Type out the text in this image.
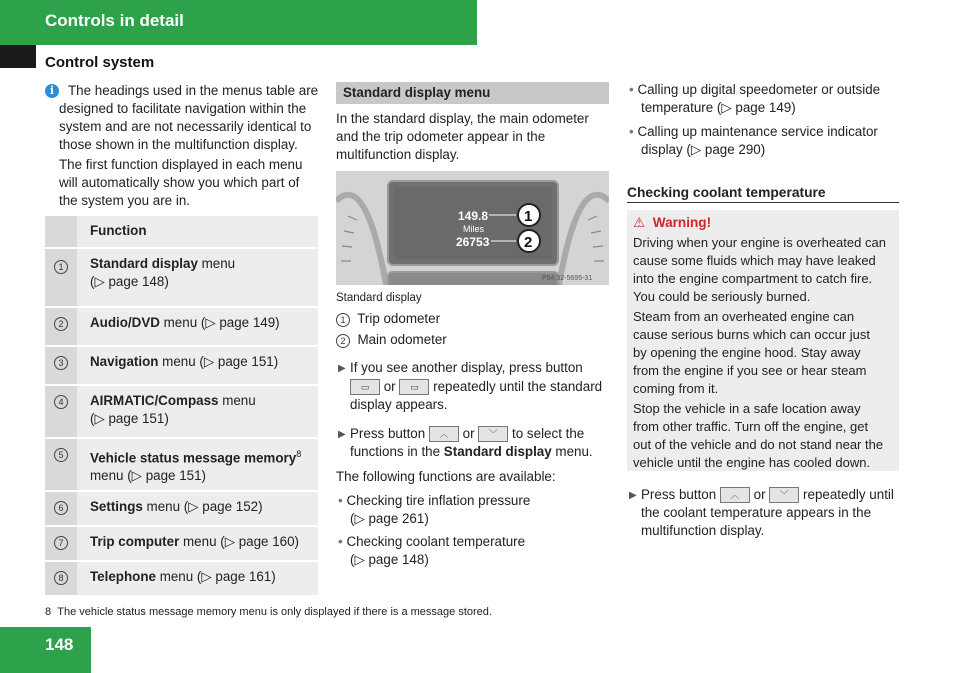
Controls in detail
Control system
i	The headings used in the menus table are
designed to facilitate navigation within the
system and are not necessarily identical to
those shown in the multifunction display.
The first function displayed in each menu
will automatically show you which part of
the system you are in.
	Function
1	Standard display menu
(▷ page 148)
2	Audio/DVD menu (▷ page 149)
3	Navigation menu (▷ page 151)
4	AIRMATIC/Compass menu
(▷ page 151)
5	Vehicle status message memory$^8$
menu (▷ page 151)
6	Settings menu (▷ page 152)
7	Trip computer menu (▷ page 160)
8	Telephone menu (▷ page 161)
Standard display menu
In the standard display, the main odometer
and the trip odometer appear in the
multifunction display.
149.8
Miles
26753
1
2
P54.32-5695-31
Standard display
1 Trip odometer
2 Main odometer
▶ If you see another display, press button
▭ or ▭ repeatedly until the standard
display appears.
▶ Press button ︿ or ﹀ to select the
functions in the Standard display menu.
The following functions are available:
• Checking tire inflation pressure
(▷ page 261)
• Checking coolant temperature
(▷ page 148)
• Calling up digital speedometer or outside
temperature (▷ page 149)
• Calling up maintenance service indicator
display (▷ page 290)
Checking coolant temperature
⚠ Warning!
Driving when your engine is overheated can
cause some fluids which may have leaked
into the engine compartment to catch fire.
You could be seriously burned.
Steam from an overheated engine can
cause serious burns which can occur just
by opening the engine hood. Stay away
from the engine if you see or hear steam
coming from it.
Stop the vehicle in a safe location away
from other traffic. Turn off the engine, get
out of the vehicle and do not stand near the
vehicle until the engine has cooled down.
▶ Press button ︿ or ﹀ repeatedly until
the coolant temperature appears in the
multifunction display.
8 The vehicle status message memory menu is only displayed if there is a message stored.
148
